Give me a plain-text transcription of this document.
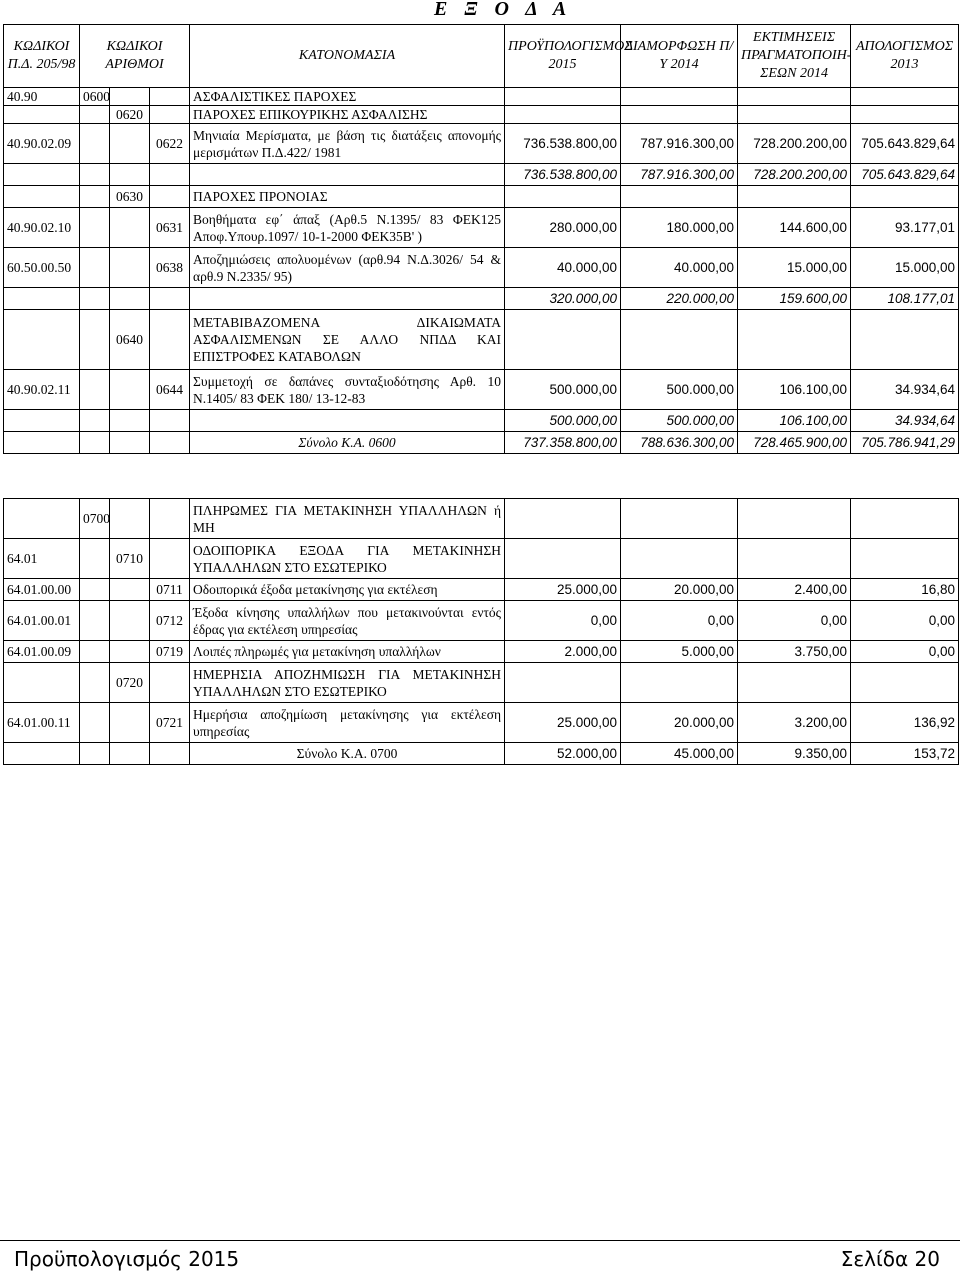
Ε Ξ Ο Δ Α
ΚΩΔΙΚΟΙ Π.Δ. 205/98	ΚΩΔΙΚΟΙ ΑΡΙΘΜΟΙ			ΚΑΤΟΝΟΜΑΣΙΑ	ΠΡΟΫΠΟΛΟΓΙΣΜΟΣ 2015	ΔΙΑΜΟΡΦΩΣΗ Π/Υ 2014	ΕΚΤΙΜΗΣΕΙΣ ΠΡΑΓΜΑΤΟΠΟΙΗ-ΣΕΩΝ 2014	ΑΠΟΛΟΓΙΣΜΟΣ 2013
40.90	0600			ΑΣΦΑΛΙΣΤΙΚΕΣ ΠΑΡΟΧΕΣ				
		0620		ΠΑΡΟΧΕΣ ΕΠΙΚΟΥΡΙΚΗΣ ΑΣΦΑΛΙΣΗΣ				
40.90.02.09			0622	Μηνιαία Μερίσματα, με βάση τις διατάξεις απονομής μερισμάτων Π.Δ.422/ 1981	736.538.800,00	787.916.300,00	728.200.200,00	705.643.829,64
					736.538.800,00	787.916.300,00	728.200.200,00	705.643.829,64
		0630		ΠΑΡΟΧΕΣ ΠΡΟΝΟΙΑΣ				
40.90.02.10			0631	Βοηθήματα εφ΄ άπαξ (Αρθ.5 Ν.1395/ 83 ΦΕΚ125 Αποφ.Υπουρ.1097/ 10-1-2000 ΦΕΚ35Β' )	280.000,00	180.000,00	144.600,00	93.177,01
60.50.00.50			0638	Αποζημιώσεις απολυομένων (αρθ.94 Ν.Δ.3026/ 54 & αρθ.9 Ν.2335/ 95)	40.000,00	40.000,00	15.000,00	15.000,00
					320.000,00	220.000,00	159.600,00	108.177,01
		0640		ΜΕΤΑΒΙΒΑΖΟΜΕΝΑ ΔΙΚΑΙΩΜΑΤΑ ΑΣΦΑΛΙΣΜΕΝΩΝ ΣΕ ΑΛΛΟ ΝΠΔΔ ΚΑΙ ΕΠΙΣΤΡΟΦΕΣ ΚΑΤΑΒΟΛΩΝ				
40.90.02.11			0644	Συμμετοχή σε δαπάνες συνταξιοδότησης Αρθ. 10 Ν.1405/ 83 ΦΕΚ 180/ 13-12-83	500.000,00	500.000,00	106.100,00	34.934,64
					500.000,00	500.000,00	106.100,00	34.934,64
				Σύνολο Κ.Α. 0600	737.358.800,00	788.636.300,00	728.465.900,00	705.786.941,29

	0700			ΠΛΗΡΩΜΕΣ ΓΙΑ ΜΕΤΑΚΙΝΗΣΗ ΥΠΑΛΛΗΛΩΝ ή ΜΗ				
64.01		0710		ΟΔΟΙΠΟΡΙΚΑ ΕΞΟΔΑ ΓΙΑ ΜΕΤΑΚΙΝΗΣΗ ΥΠΑΛΛΗΛΩΝ ΣΤΟ ΕΣΩΤΕΡΙΚΟ				
64.01.00.00			0711	Οδοιπορικά έξοδα μετακίνησης για εκτέλεση	25.000,00	20.000,00	2.400,00	16,80
64.01.00.01			0712	Έξοδα κίνησης υπαλλήλων που μετακινούνται εντός έδρας για εκτέλεση υπηρεσίας	0,00	0,00	0,00	0,00
64.01.00.09			0719	Λοιπές πληρωμές για μετακίνηση υπαλλήλων	2.000,00	5.000,00	3.750,00	0,00
		0720		ΗΜΕΡΗΣΙΑ ΑΠΟΖΗΜΙΩΣΗ ΓΙΑ ΜΕΤΑΚΙΝΗΣΗ ΥΠΑΛΛΗΛΩΝ ΣΤΟ ΕΣΩΤΕΡΙΚΟ				
64.01.00.11			0721	Ημερήσια αποζημίωση μετακίνησης για εκτέλεση υπηρεσίας	25.000,00	20.000,00	3.200,00	136,92
				Σύνολο Κ.Α. 0700	52.000,00	45.000,00	9.350,00	153,72
Προϋπολογισμός 2015	Σελίδα 20
